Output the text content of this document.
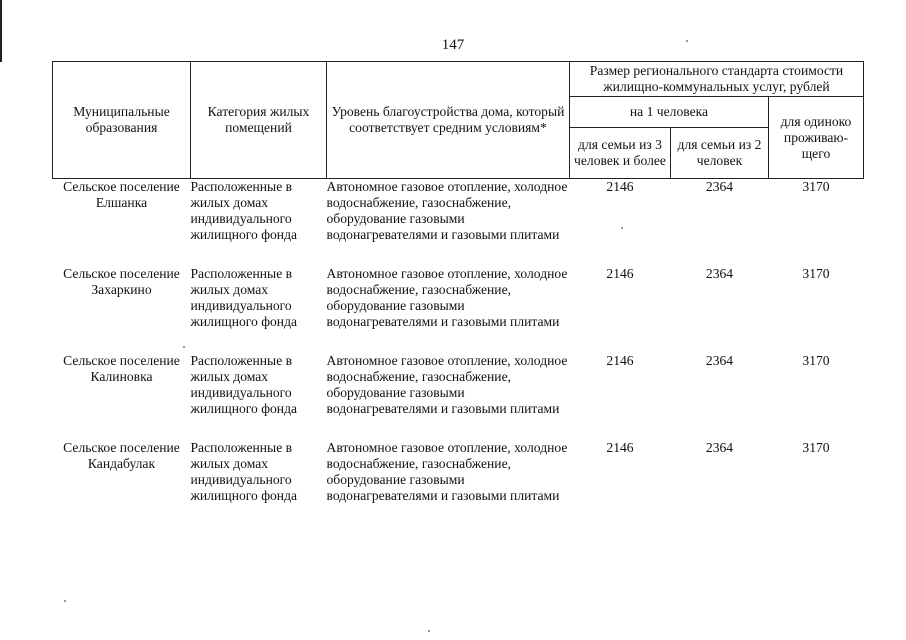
147
Муниципальные образования	Категория жилых помещений	Уровень благоустройства дома, который соответствует средним условиям*	Размер регионального стандарта стоимости жилищно-коммунальных услуг, рублей		
			на 1 человека		для одиноко проживаю-щего
			для семьи из 3 человек и более	для семьи из 2 человек	
Сельское поселение Елшанка	Расположенные в жилых домах индивидуального жилищного фонда	Автономное газовое отопление, холодное водоснабжение, газоснабжение, оборудование газовыми водонагревателями и газовыми плитами	2146	2364	3170
Сельское поселение Захаркино	Расположенные в жилых домах индивидуального жилищного фонда	Автономное газовое отопление, холодное водоснабжение, газоснабжение, оборудование газовыми водонагревателями и газовыми плитами	2146	2364	3170
Сельское поселение Калиновка	Расположенные в жилых домах индивидуального жилищного фонда	Автономное газовое отопление, холодное водоснабжение, газоснабжение, оборудование газовыми водонагревателями и газовыми плитами	2146	2364	3170
Сельское поселение Кандабулак	Расположенные в жилых домах индивидуального жилищного фонда	Автономное газовое отопление, холодное водоснабжение, газоснабжение, оборудование газовыми водонагревателями и газовыми плитами	2146	2364	3170
